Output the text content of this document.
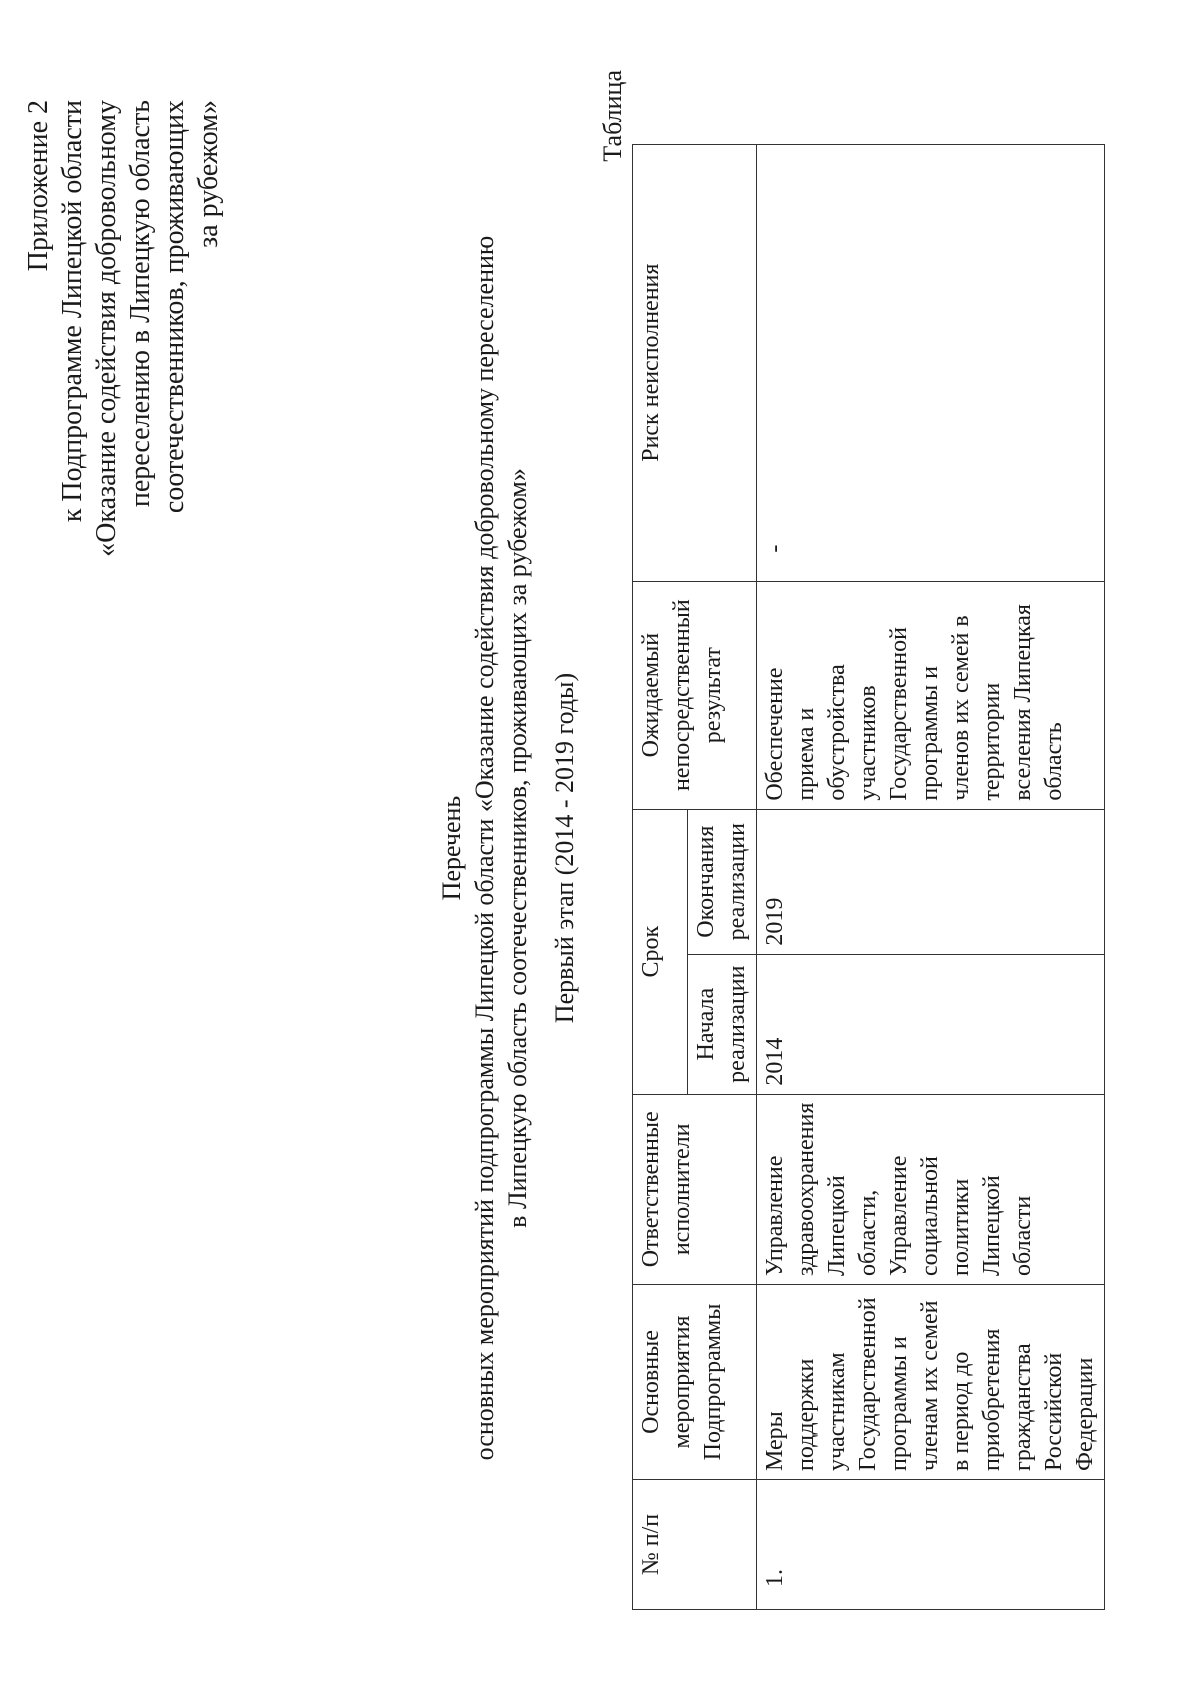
Приложение 2 к Подпрограмме Липецкой области «Оказание содействия добровольному переселению в Липецкую область соотечественников, проживающих за рубежом»
Перечень основных мероприятий подпрограммы Липецкой области «Оказание содействия добровольному переселению в Липецкую область соотечественников, проживающих за рубежом» Первый этап (2014 - 2019 годы)
Таблица
№ п/п	Основные мероприятия Подпрограммы	Ответственные исполнители	Срок		Ожидаемый непосредственный результат	Риск неисполнения
			Начала реализации	Окончания реализации		
1.	Меры поддержки участникам Государственной программы и членам их семей в период до приобретения гражданства Российской Федерации	Управление здравоохранения Липецкой области, Управление социальной политики Липецкой области	2014	2019	Обеспечение приема и обустройства участников Государственной программы и членов их семей в территории вселения Липецкая область	-
